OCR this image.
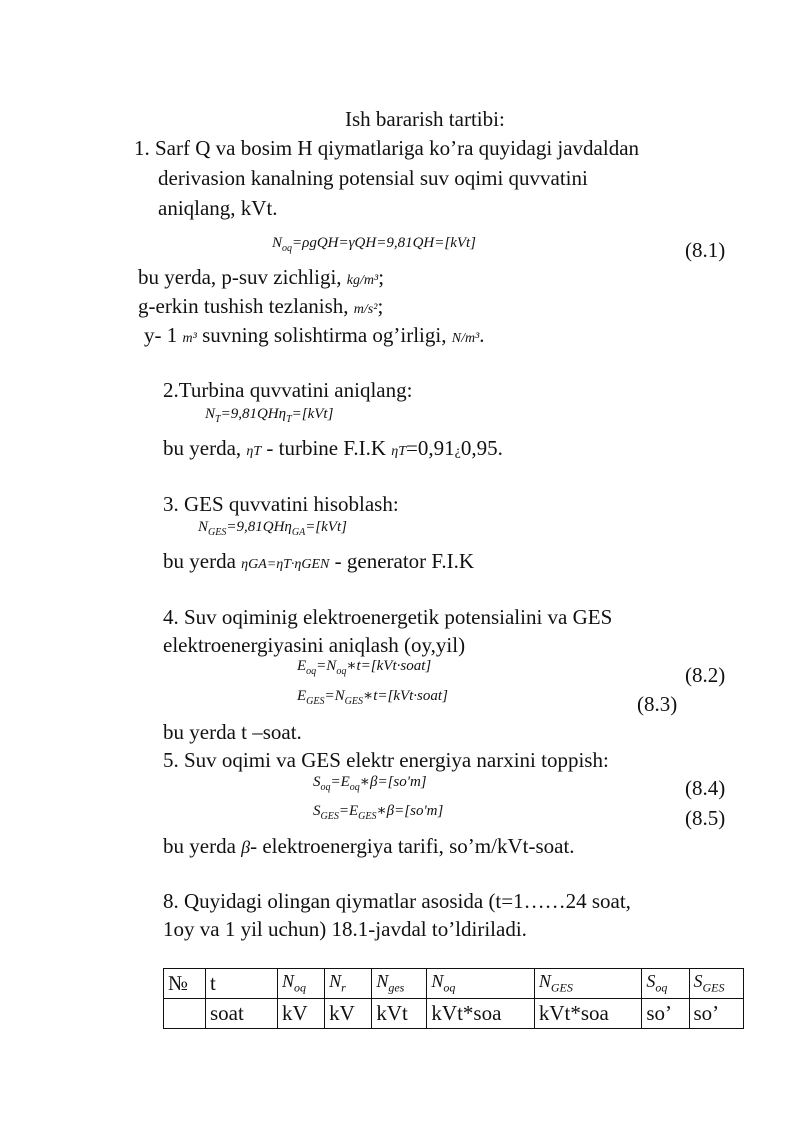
Ish bararish tartibi:
1. Sarf Q va bosim H qiymatlariga ko’ra quyidagi javdaldan
derivasion kanalning potensial suv oqimi quvvatini
aniqlang, kVt.
$N_{oq}=\rho gQH=\gamma QH=9,81QH=[kVt]$	(8.1)
bu yerda, p-suv zichligi, kg/m³;
g-erkin tushish tezlanish, m/s²;
y- 1 m³ suvning solishtirma og’irligi, N/m³.
2.Turbina quvvatini aniqlang:
$N_T=9,81QH\eta_T=[kVt]$
bu yerda, ηT - turbine F.I.K ηT=0,91¿0,95.
3. GES quvvatini hisoblash:
$N_{GES}=9,81QH\eta_{GA}=[kVt]$
bu yerda ηGA=ηT·ηGEN - generator F.I.K
4. Suv oqiminig elektroenergetik potensialini va GES
elektroenergiyasini aniqlash (oy,yil)
$E_{oq}=N_{oq}∗t=[kVt\cdot soat]$	(8.2)
$E_{GES}=N_{GES}∗t=[kVt\cdot soat]$	(8.3)
bu yerda t –soat.
5. Suv oqimi va GES elektr energiya narxini toppish:
$S_{oq}=E_{oq}∗\beta=[so'm]$	(8.4)
$S_{GES}=E_{GES}∗\beta=[so'm]$	(8.5)
bu yerda β- elektroenergiya tarifi, so’m/kVt-soat.
8. Quyidagi olingan qiymatlar asosida (t=1……24 soat,
1oy va 1 yil uchun) 18.1-javdal to’ldiriladi.
№	t	$N_{oq}$	$N_r$	$N_{ges}$	$N_{oq}$	$N_{GES}$	$S_{oq}$	$S_{GES}$
	soat	kV	kV	kVt	kVt*soa	kVt*soa	so’	so’
